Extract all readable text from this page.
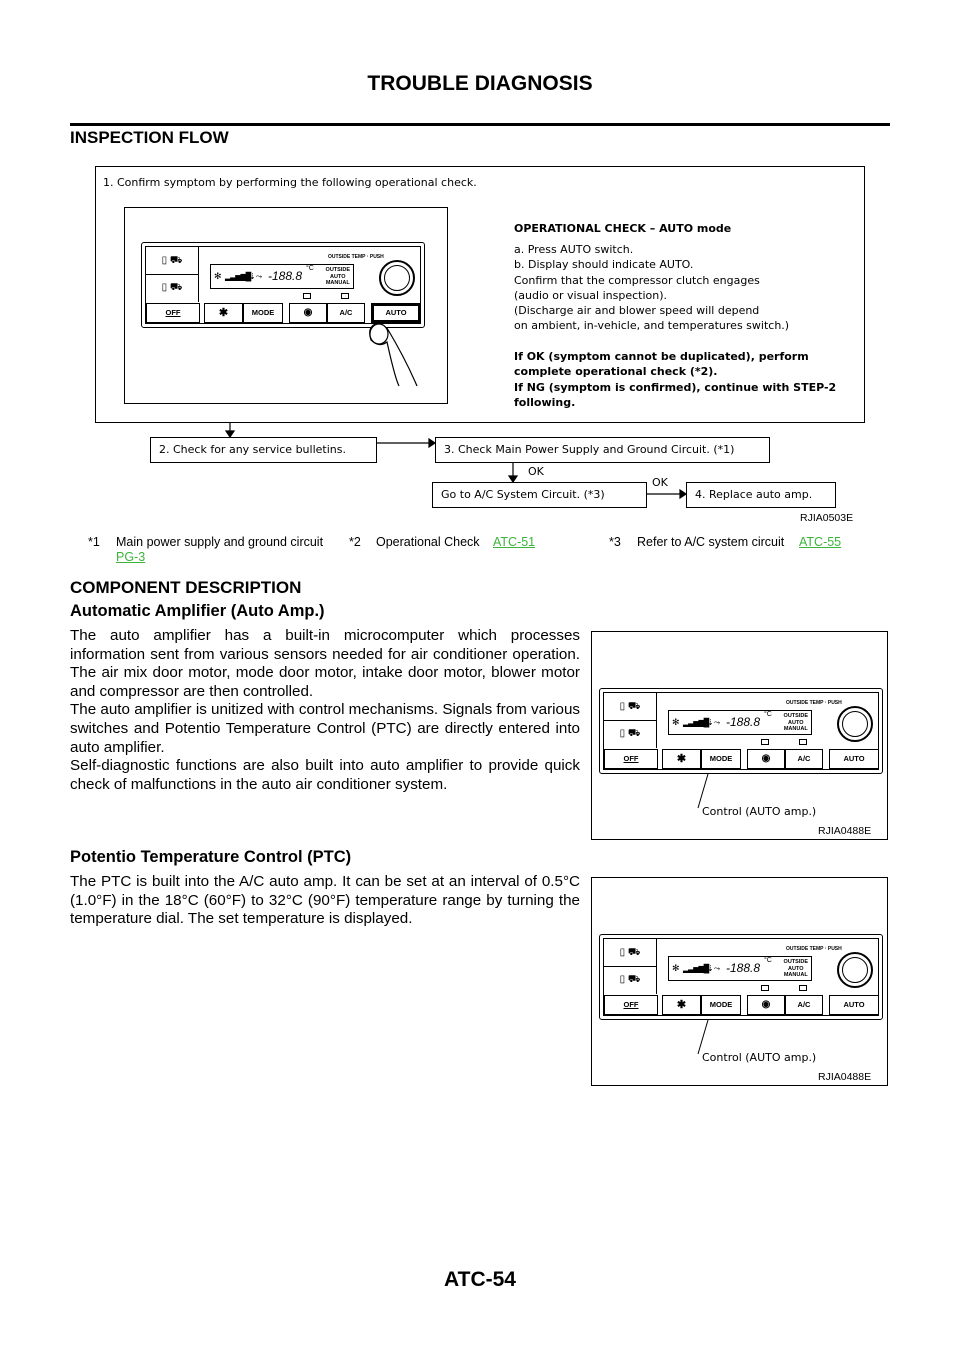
TROUBLE DIAGNOSIS
INSPECTION FLOW
1. Confirm symptom by performing the following operational check.
▯ ⛟
▯ ⛟
OUTSIDE TEMP · PUSH
✻ ▂▃▅▆█
⇣⤳ -188.8
°C OUTSIDE
AUTO
MANUAL
OFF	✱	MODE	◉	A/C	AUTO
OPERATIONAL CHECK – AUTO mode
a. Press AUTO switch.
b. Display should indicate AUTO.
Confirm that the compressor clutch engages
(audio or visual inspection).
(Discharge air and blower speed will depend
on ambient, in-vehicle, and temperatures switch.)
If OK (symptom cannot be duplicated), perform
complete operational check (*2).
If NG (symptom is confirmed), continue with STEP-2
following.
2. Check for any service bulletins.	3. Check Main Power Supply and Ground Circuit. (*1)
OK
Go to A/C System Circuit. (*3)
OK
4. Replace auto amp.
RJIA0503E
*1 Main power supply and ground circuit
PG-3
*2 Operational Check ATC-51	*3 Refer to A/C system circuit ATC-55
COMPONENT DESCRIPTION
Automatic Amplifier (Auto Amp.)
The auto amplifier has a built-in microcomputer which processes information sent from various sensors needed for air conditioner operation. The air mix door motor, mode door motor, intake door motor, blower motor and compressor are then controlled.
The auto amplifier is unitized with control mechanisms. Signals from various switches and Potentio Temperature Control (PTC) are directly entered into auto amplifier.
Self-diagnostic functions are also built into auto amplifier to provide quick check of malfunctions in the auto air conditioner system.
▯ ⛟
▯ ⛟
OUTSIDE TEMP · PUSH
✻ ▂▃▅▆█
⇣⤳ -188.8
°C OUTSIDE
AUTO
MANUAL
OFF	✱	MODE	◉	A/C	AUTO
Control (AUTO amp.)
RJIA0488E
Potentio Temperature Control (PTC)
The PTC is built into the A/C auto amp. It can be set at an interval of 0.5°C (1.0°F) in the 18°C (60°F) to 32°C (90°F) temperature range by turning the temperature dial. The set temperature is displayed.
▯ ⛟
▯ ⛟
OUTSIDE TEMP · PUSH
✻ ▂▃▅▆█
⇣⤳ -188.8
°C OUTSIDE
AUTO
MANUAL
OFF	✱	MODE	◉	A/C	AUTO
Control (AUTO amp.)
RJIA0488E
ATC-54
